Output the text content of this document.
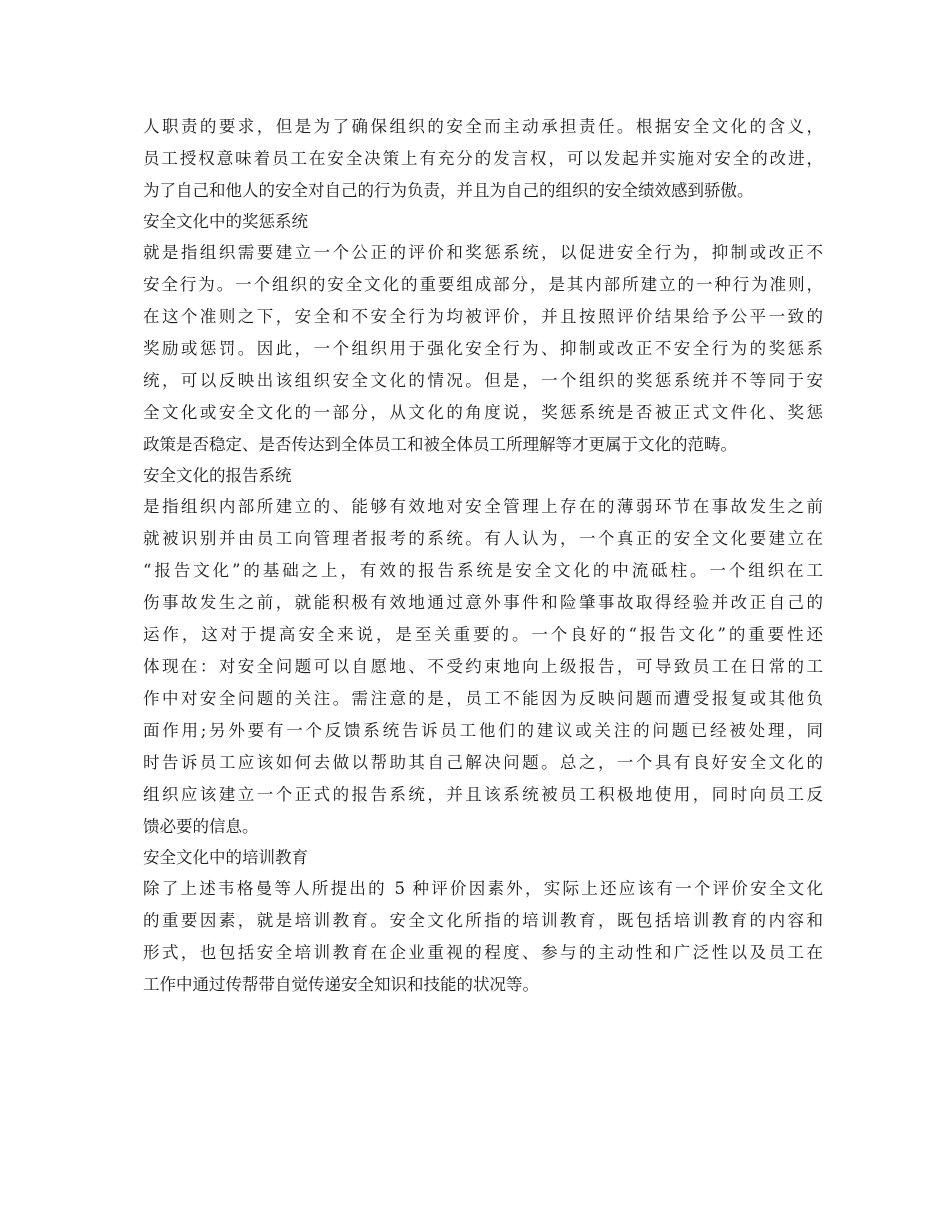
人职责的要求，但是为了确保组织的安全而主动承担责任。根据安全文化的含义，
员工授权意味着员工在安全决策上有充分的发言权，可以发起并实施对安全的改进，
为了自己和他人的安全对自己的行为负责，并且为自己的组织的安全绩效感到骄傲。
安全文化中的奖惩系统
就是指组织需要建立一个公正的评价和奖惩系统，以促进安全行为，抑制或改正不
安全行为。一个组织的安全文化的重要组成部分，是其内部所建立的一种行为准则，
在这个准则之下，安全和不安全行为均被评价，并且按照评价结果给予公平一致的
奖励或惩罚。因此，一个组织用于强化安全行为、抑制或改正不安全行为的奖惩系
统，可以反映出该组织安全文化的情况。但是，一个组织的奖惩系统并不等同于安
全文化或安全文化的一部分，从文化的角度说，奖惩系统是否被正式文件化、奖惩
政策是否稳定、是否传达到全体员工和被全体员工所理解等才更属于文化的范畴。
安全文化的报告系统
是指组织内部所建立的、能够有效地对安全管理上存在的薄弱环节在事故发生之前
就被识别并由员工向管理者报考的系统。有人认为，一个真正的安全文化要建立在
“报告文化”的基础之上，有效的报告系统是安全文化的中流砥柱。一个组织在工
伤事故发生之前，就能积极有效地通过意外事件和险肇事故取得经验并改正自己的
运作，这对于提高安全来说，是至关重要的。一个良好的“报告文化”的重要性还
体现在：对安全问题可以自愿地、不受约束地向上级报告，可导致员工在日常的工
作中对安全问题的关注。需注意的是，员工不能因为反映问题而遭受报复或其他负
面作用;另外要有一个反馈系统告诉员工他们的建议或关注的问题已经被处理，同
时告诉员工应该如何去做以帮助其自己解决问题。总之，一个具有良好安全文化的
组织应该建立一个正式的报告系统，并且该系统被员工积极地使用，同时向员工反
馈必要的信息。
安全文化中的培训教育
除了上述韦格曼等人所提出的 5 种评价因素外，实际上还应该有一个评价安全文化
的重要因素，就是培训教育。安全文化所指的培训教育，既包括培训教育的内容和
形式，也包括安全培训教育在企业重视的程度、参与的主动性和广泛性以及员工在
工作中通过传帮带自觉传递安全知识和技能的状况等。
